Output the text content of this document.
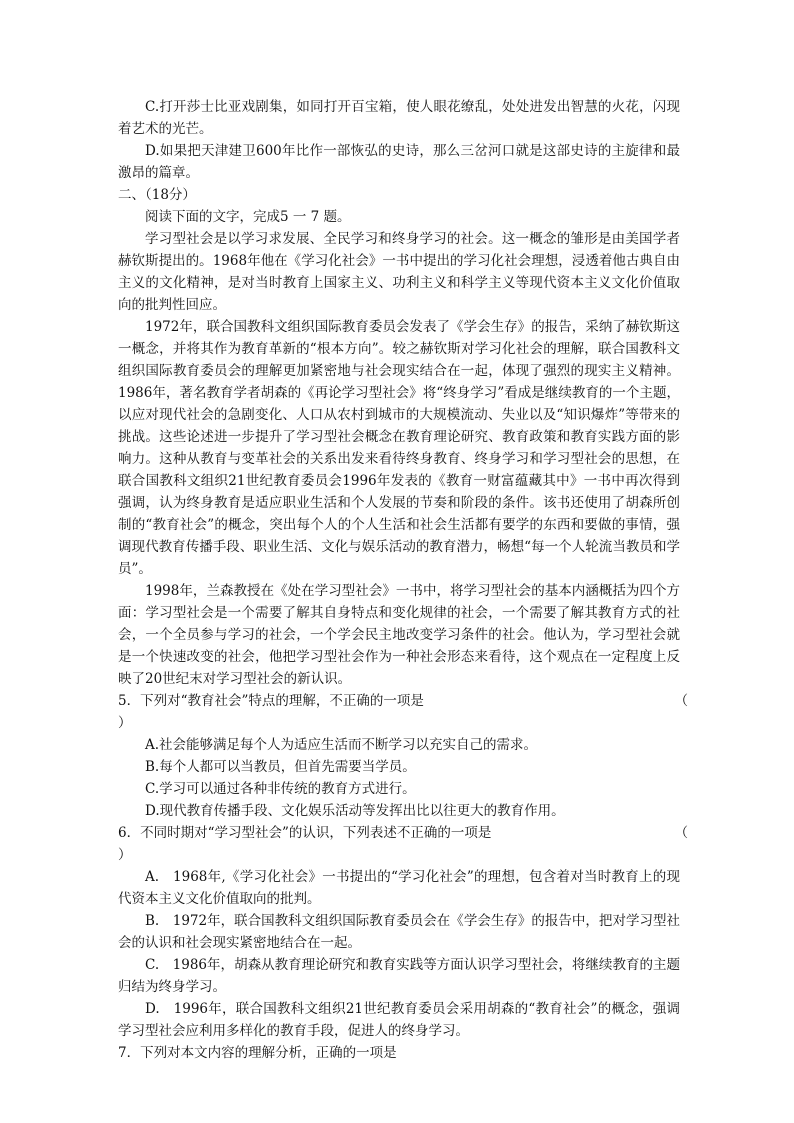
C.打开莎士比亚戏剧集，如同打开百宝箱，使人眼花缭乱，处处进发出智慧的火花，闪现着艺术的光芒。

D.如果把天津建卫600年比作一部恢弘的史诗，那么三岔河口就是这部史诗的主旋律和最激昂的篇章。

二、（18分）

阅读下面的文字，完成5 一 7 题。

学习型社会是以学习求发展、全民学习和终身学习的社会。这一概念的雏形是由美国学者赫钦斯提出的。1968年他在《学习化社会》一书中提出的学习化社会理想，浸透着他古典自由主义的文化精神，是对当时教育上国家主义、功利主义和科学主义等现代资本主义文化价值取向的批判性回应。

1972年，联合国教科文组织国际教育委员会发表了《学会生存》的报告，采纳了赫钦斯这一概念，并将其作为教育革新的“根本方向”。较之赫钦斯对学习化社会的理解，联合国教科文组织国际教育委员会的理解更加紧密地与社会现实结合在一起，体现了强烈的现实主义精神。1986年，著名教育学者胡森的《再论学习型社会》将“终身学习”看成是继续教育的一个主题，以应对现代社会的急剧变化、人口从农村到城市的大规模流动、失业以及“知识爆炸”等带来的挑战。这些论述进一步提升了学习型社会概念在教育理论研究、教育政策和教育实践方面的影响力。这种从教育与变革社会的关系出发来看待终身教育、终身学习和学习型社会的思想，在联合国教科文组织21世纪教育委员会1996年发表的《教育一财富蕴藏其中》一书中再次得到强调，认为终身教育是适应职业生活和个人发展的节奏和阶段的条件。该书还使用了胡森所创制的“教育社会”的概念，突出每个人的个人生活和社会生活都有要学的东西和要做的事情，强调现代教育传播手段、职业生活、文化与娱乐活动的教育潜力，畅想“每一个人轮流当教员和学员”。

1998年，兰森教授在《处在学习型社会》一书中，将学习型社会的基本内涵概括为四个方面：学习型社会是一个需要了解其自身特点和变化规律的社会，一个需要了解其教育方式的社会，一个全员参与学习的社会，一个学会民主地改变学习条件的社会。他认为，学习型社会就是一个快速改变的社会，他把学习型社会作为一种社会形态来看待，这个观点在一定程度上反映了20世纪末对学习型社会的新认识。

5．下列对“教育社会”特点的理解，不正确的一项是	（

）

A.社会能够满足每个人为适应生活而不断学习以充实自己的需求。

B.每个人都可以当教员，但首先需要当学员。

C.学习可以通过各种非传统的教育方式进行。

D.现代教育传播手段、文化娱乐活动等发挥出比以往更大的教育作用。

6．不同时期对“学习型社会”的认识，下列表述不正确的一项是	（

）

A.　1968年,《学习化社会》一书提出的“学习化社会”的理想，包含着对当时教育上的现代资本主义文化价值取向的批判。

B.　1972年，联合国教科文组织国际教育委员会在《学会生存》的报告中，把对学习型社会的认识和社会现实紧密地结合在一起。

C.　1986年，胡森从教育理论研究和教育实践等方面认识学习型社会，将继续教育的主题归结为终身学习。

D.　1996年，联合国教科文组织21世纪教育委员会采用胡森的“教育社会”的概念，强调学习型社会应利用多样化的教育手段，促进人的终身学习。

7．下列对本文内容的理解分析，正确的一项是
